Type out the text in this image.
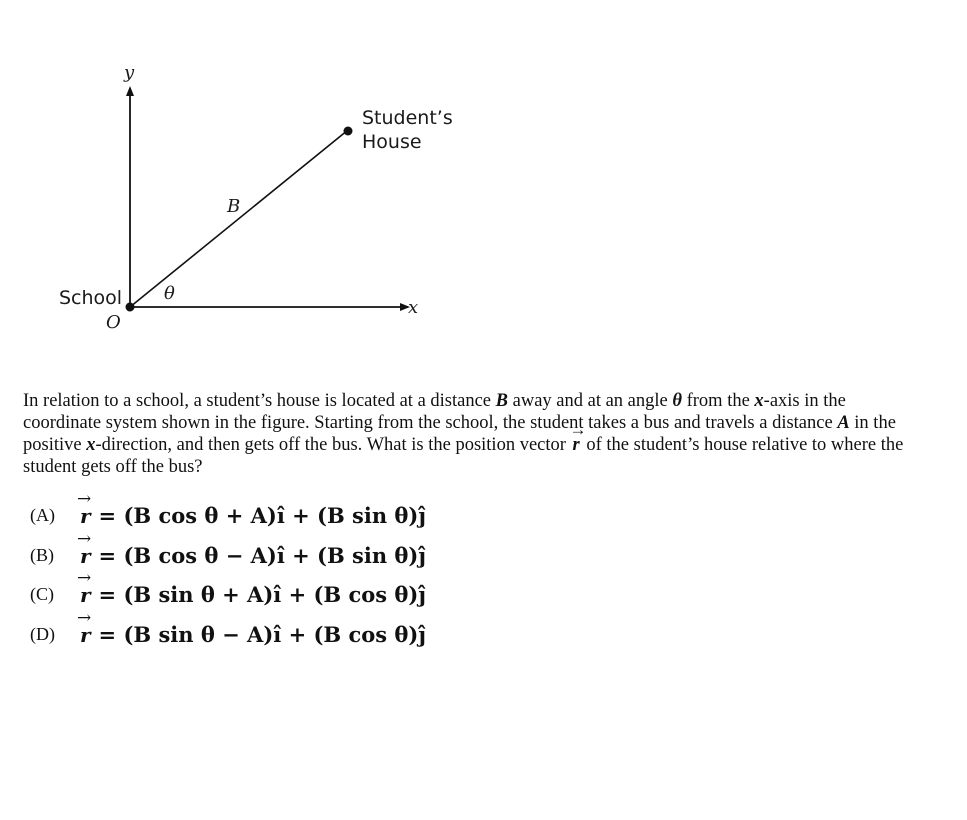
y
x
O
School
Student’s
House
B
θ

In relation to a school, a student’s house is located at a distance B away and at an angle θ from the x-axis in the coordinate system shown in the figure. Starting from the school, the student takes a bus and travels a distance A in the positive x-direction, and then gets off the bus. What is the position vector → r of the student’s house relative to where the student gets off the bus?

(A)	→ r = (B cos θ + A)î + (B sin θ)ĵ
(B)	→ r = (B cos θ − A)î + (B sin θ)ĵ
(C)	→ r = (B sin θ + A)î + (B cos θ)ĵ
(D)	→ r = (B sin θ − A)î + (B cos θ)ĵ
